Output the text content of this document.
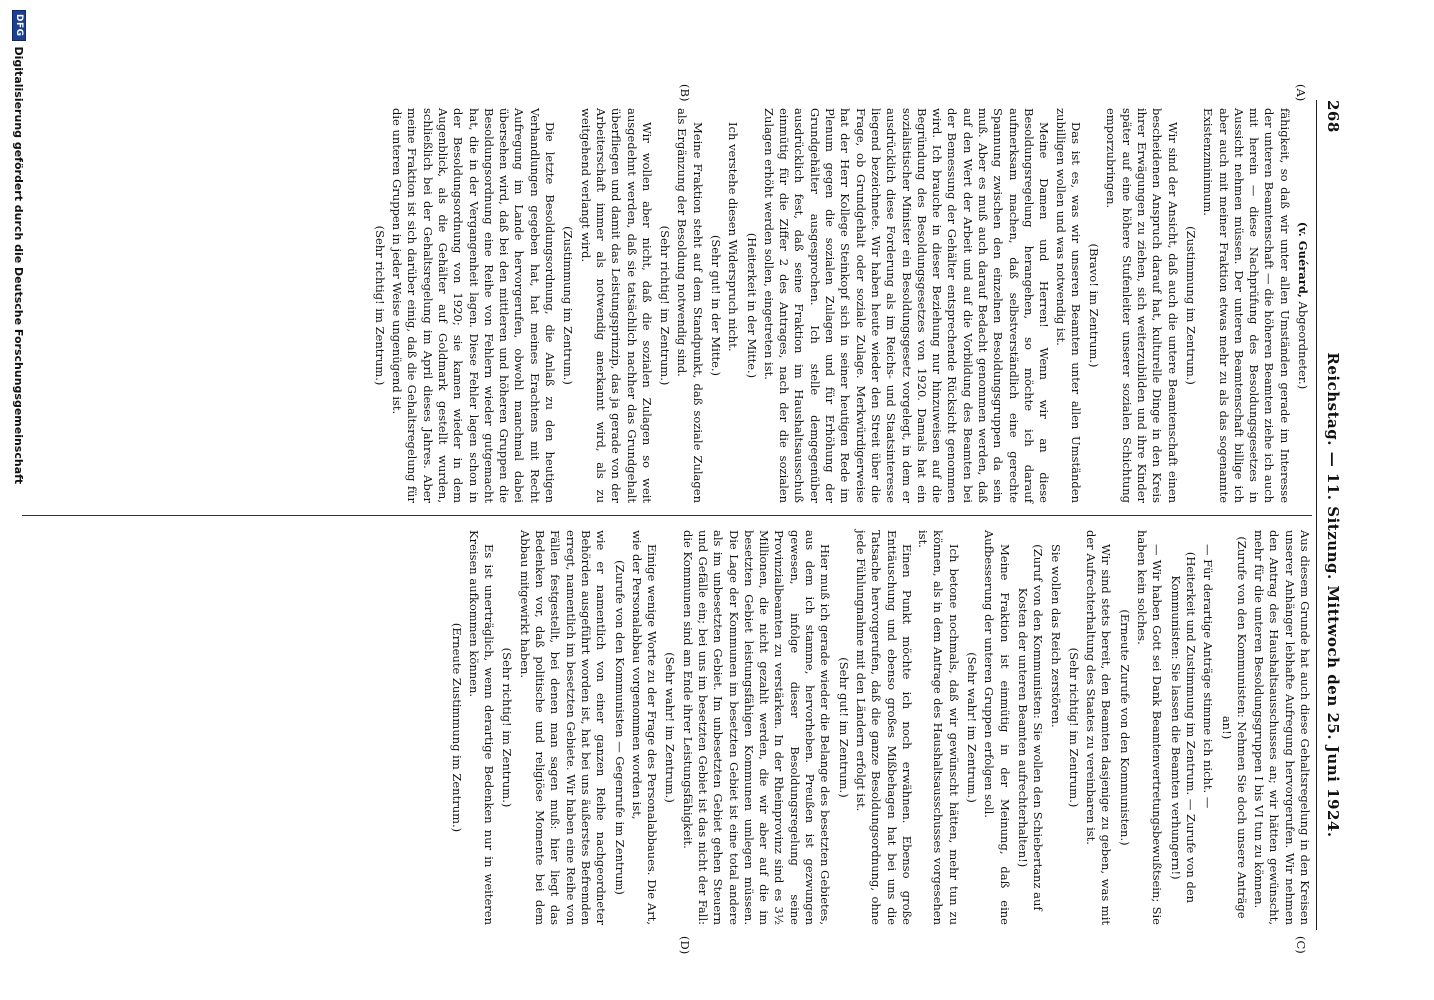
268
Reichstag. — 11. Sitzung. Mittwoch den 25. Juni 1924.
(A)
(B)
(C)
(D)

(v. Guérard, Abgeordneter.)

fähigkeit, so daß wir unter allen Umständen gerade im Interesse der unteren Beamtenschaft — die höheren Beamten ziehe ich auch mit herein — diese Nachprüfung des Besoldungsgesetzes in Aussicht nehmen müssen. Der unteren Beamtenschaft billige ich aber auch mit meiner Fraktion etwas mehr zu als das sogenannte Existenzminimum.

(Zustimmung im Zentrum.)

Wir sind der Ansicht, daß auch die untere Beamtenschaft einen bescheidenen Anspruch darauf hat, kulturelle Dinge in den Kreis ihrer Erwägungen zu ziehen, sich weiterzubilden und ihre Kinder später auf eine höhere Stufenleiter unserer sozialen Schichtung emporzubringen.

(Bravo! im Zentrum.)

Das ist es, was wir unseren Beamten unter allen Umständen zubilligen wollen und was notwendig ist.

Meine Damen und Herren! Wenn wir an diese Besoldungsregelung herangehen, so möchte ich darauf aufmerksam machen, daß selbstverständlich eine gerechte Spannung zwischen den einzelnen Besoldungsgruppen da sein muß. Aber es muß auch darauf Bedacht genommen werden, daß auf den Wert der Arbeit und auf die Vorbildung des Beamten bei der Bemessung der Gehälter entsprechende Rücksicht genommen wird. Ich brauche in dieser Beziehung nur hinzuweisen auf die Begründung des Besoldungsgesetzes von 1920. Damals hat ein sozialistischer Minister ein Besoldungsgesetz vorgelegt, in dem er ausdrücklich diese Forderung als im Reichs- und Staatsinteresse liegend bezeichnete. Wir haben heute wieder den Streit über die Frage, ob Grundgehalt oder soziale Zulage. Merkwürdigerweise hat der Herr Kollege Steinkopf sich in seiner heutigen Rede im Plenum gegen die sozialen Zulagen und für Erhöhung der Grundgehälter ausgesprochen. Ich stelle demgegenüber ausdrücklich fest, daß seine Fraktion im Haushaltsausschuß einmütig für die Ziffer 2 des Antrages, nach der die sozialen Zulagen erhöht werden sollen, eingetreten ist.

(Heiterkeit in der Mitte.)

Ich verstehe diesen Widerspruch nicht.

(Sehr gut! in der Mitte.)

Meine Fraktion steht auf dem Standpunkt, daß soziale Zulagen als Ergänzung der Besoldung notwendig sind.

(Sehr richtig! im Zentrum.)

Wir wollen aber nicht, daß die sozialen Zulagen so weit ausgedehnt werden, daß sie tatsächlich nachher das Grundgehalt überfliegen und damit das Leistungsprinzip, das ja gerade von der Arbeiterschaft immer als notwendig anerkannt wird, als zu weitgehend verlangt wird.

(Zustimmung im Zentrum.)

Die letzte Besoldungsordnung, die Anlaß zu den heutigen Verhandlungen gegeben hat, hat meines Erachtens mit Recht Aufregung im Lande hervorgerufen, obwohl manchmal dabei übersehen wird, daß bei den mittleren und höheren Gruppen die Besoldungsordnung eine Reihe von Fehlern wieder gutgemacht hat, die in der Vergangenheit lagen. Diese Fehler lagen schon in der Besoldungsordnung von 1920; sie kamen wieder in dem Augenblick, als die Gehälter auf Goldmark gestellt wurden, schließlich bei der Gehaltsregelung im April dieses Jahres. Aber meine Fraktion ist sich darüber einig, daß die Gehaltsregelung für die unteren Gruppen in jeder Weise ungenügend ist.

(Sehr richtig! im Zentrum.)

Aus diesem Grunde hat auch diese Gehaltsregelung in den Kreisen unserer Anhänger lebhafte Aufregung hervorgerufen. Wir nehmen den Antrag des Haushaltsausschusses an; wir hätten gewünscht, mehr für die unteren Besoldungsgruppen I bis VI tun zu können.

(Zurufe von den Kommunisten: Nehmen Sie doch unsere Anträge an!)

— Für derartige Anträge stimme ich nicht. —

(Heiterkeit und Zustimmung im Zentrum. — Zurufe von den Kommunisten: Sie lassen die Beamten verhungern!)

— Wir haben Gott sei Dank Beamtenvertretungsbewußtsein; Sie haben kein solches.

(Erneute Zurufe von den Kommunisten.)

Wir sind stets bereit, den Beamten dasjenige zu geben, was mit der Aufrechterhaltung des Staates zu vereinbaren ist.

(Sehr richtig! im Zentrum.)

Sie wollen das Reich zerstören.

(Zuruf von den Kommunisten: Sie wollen den Schiebertanz auf Kosten der unteren Beamten aufrechterhalten!)

Meine Fraktion ist einmütig in der Meinung, daß eine Aufbesserung der unteren Gruppen erfolgen soll.

(Sehr wahr! im Zentrum.)

Ich betone nochmals, daß wir gewünscht hätten, mehr tun zu können, als in dem Antrage des Haushaltsausschusses vorgesehen ist.

Einen Punkt möchte ich noch erwähnen. Ebenso große Enttäuschung und ebenso großes Mißbehagen hat bei uns die Tatsache hervorgerufen, daß die ganze Besoldungsordnung, ohne jede Fühlungnahme mit den Ländern erfolgt ist.

(Sehr gut! im Zentrum.)

Hier muß ich gerade wieder die Belange des besetzten Gebietes, aus dem ich stamme, hervorheben. Preußen ist gezwungen gewesen, infolge dieser Besoldungsregelung seine Provinzialbeamten zu verstärken. In der Rheinprovinz sind es 3½ Millionen, die nicht gezahlt werden, die wir aber auf die im besetzten Gebiet leistungsfähigen Kommunen umlegen müssen. Die Lage der Kommunen im besetzten Gebiet ist eine total andere als im unbesetzten Gebiet. Im unbesetzten Gebiet gehen Steuern und Gefälle ein; bei uns im besetzten Gebiet ist das nicht der Fall: die Kommunen sind am Ende ihrer Leistungsfähigkeit.

(Sehr wahr! im Zentrum.)

Einige wenige Worte zu der Frage des Personalabbaues. Die Art, wie der Personalabbau vorgenommen worden ist,

(Zurufe von den Kommunisten — Gegenrufe im Zentrum)

wie er namentlich von einer ganzen Reihe nachgeordneter Behörden ausgeführt worden ist, hat bei uns äußerstes Befremden erregt, namentlich im besetzten Gebiete. Wir haben eine Reihe von Fällen festgestellt, bei denen man sagen muß: hier liegt das Bedenken vor, daß politische und religiöse Momente bei dem Abbau mitgewirkt haben.

(Sehr richtig! im Zentrum.)

Es ist unerträglich, wenn derartige Bedenken nur in weiteren Kreisen aufkommen können.

(Erneute Zustimmung im Zentrum.)

DFG
Digitalisierung gefördert durch die Deutsche Forschungsgemeinschaft
